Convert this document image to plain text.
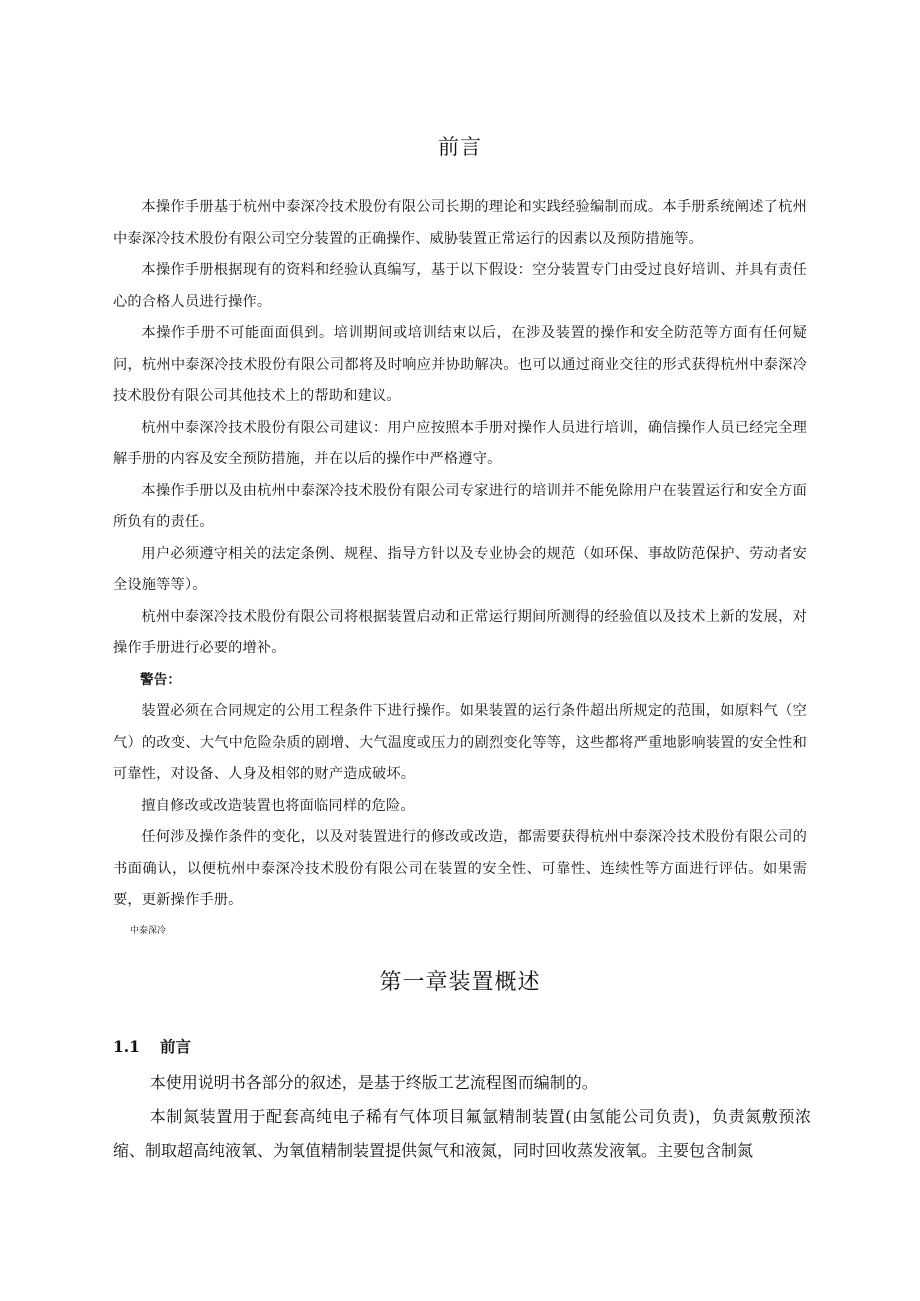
前言

本操作手册基于杭州中泰深冷技术股份有限公司长期的理论和实践经验编制而成。本手册系统阐述了杭州中泰深冷技术股份有限公司空分装置的正确操作、威胁装置正常运行的因素以及预防措施等。

本操作手册根据现有的资料和经验认真编写，基于以下假设：空分装置专门由受过良好培训、并具有责任心的合格人员进行操作。

本操作手册不可能面面俱到。培训期间或培训结束以后，在涉及装置的操作和安全防范等方面有任何疑问，杭州中泰深冷技术股份有限公司都将及时响应并协助解决。也可以通过商业交往的形式获得杭州中泰深冷技术股份有限公司其他技术上的帮助和建议。

杭州中泰深冷技术股份有限公司建议：用户应按照本手册对操作人员进行培训，确信操作人员已经完全理解手册的内容及安全预防措施，并在以后的操作中严格遵守。

本操作手册以及由杭州中泰深冷技术股份有限公司专家进行的培训并不能免除用户在装置运行和安全方面所负有的责任。

用户必须遵守相关的法定条例、规程、指导方针以及专业协会的规范（如环保、事故防范保护、劳动者安全设施等等）。

杭州中泰深冷技术股份有限公司将根据装置启动和正常运行期间所测得的经验值以及技术上新的发展，对操作手册进行必要的增补。

警告：

装置必须在合同规定的公用工程条件下进行操作。如果装置的运行条件超出所规定的范围，如原料气（空气）的改变、大气中危险杂质的剧增、大气温度或压力的剧烈变化等等，这些都将严重地影响装置的安全性和可靠性，对设备、人身及相邻的财产造成破坏。

擅自修改或改造装置也将面临同样的危险。

任何涉及操作条件的变化，以及对装置进行的修改或改造，都需要获得杭州中泰深冷技术股份有限公司的书面确认，以便杭州中泰深冷技术股份有限公司在装置的安全性、可靠性、连续性等方面进行评估。如果需要，更新操作手册。

中泰深冷
第一章装置概述
1.1 前言

本使用说明书各部分的叙述，是基于终版工艺流程图而编制的。

本制氮装置用于配套高纯电子稀有气体项目氟氩精制装置(由氢能公司负责)，负责氮敷预浓缩、制取超高纯液氧、为氧值精制装置提供氮气和液氮，同时回收蒸发液氧。主要包含制氮
